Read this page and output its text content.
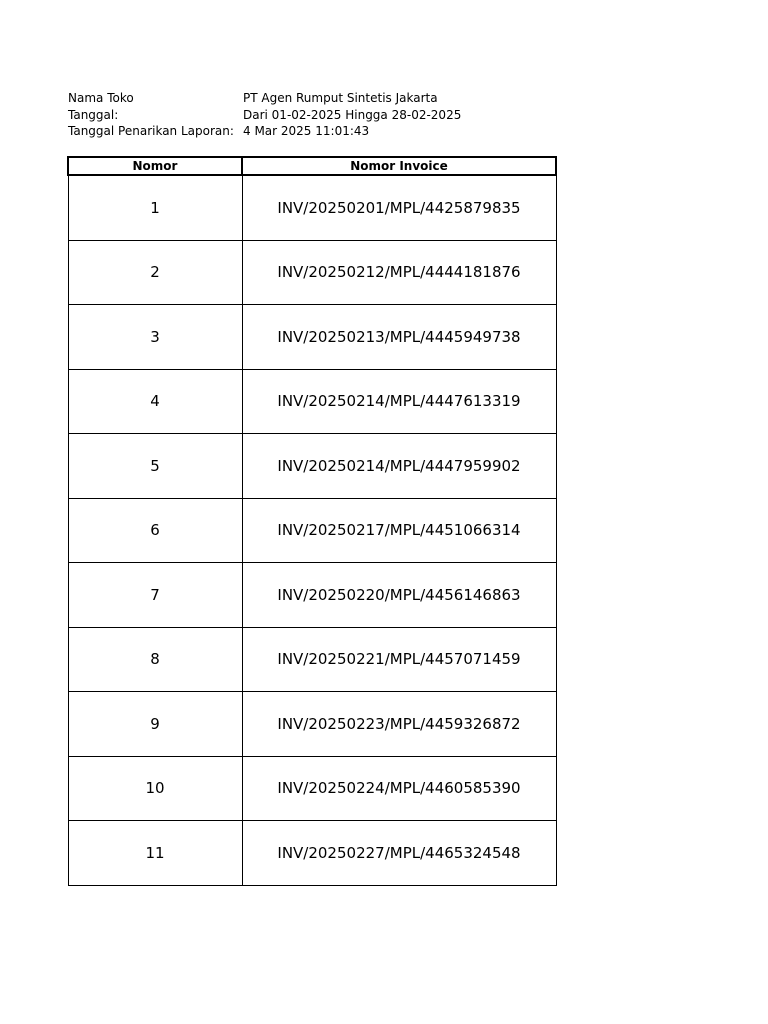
Nama Toko	PT Agen Rumput Sintetis Jakarta
Tanggal:	Dari 01-02-2025 Hingga 28-02-2025
Tanggal Penarikan Laporan: 4 Mar 2025 11:01:43
Nomor	Nomor Invoice
1	INV/20250201/MPL/4425879835
2	INV/20250212/MPL/4444181876
3	INV/20250213/MPL/4445949738
4	INV/20250214/MPL/4447613319
5	INV/20250214/MPL/4447959902
6	INV/20250217/MPL/4451066314
7	INV/20250220/MPL/4456146863
8	INV/20250221/MPL/4457071459
9	INV/20250223/MPL/4459326872
10	INV/20250224/MPL/4460585390
11	INV/20250227/MPL/4465324548
